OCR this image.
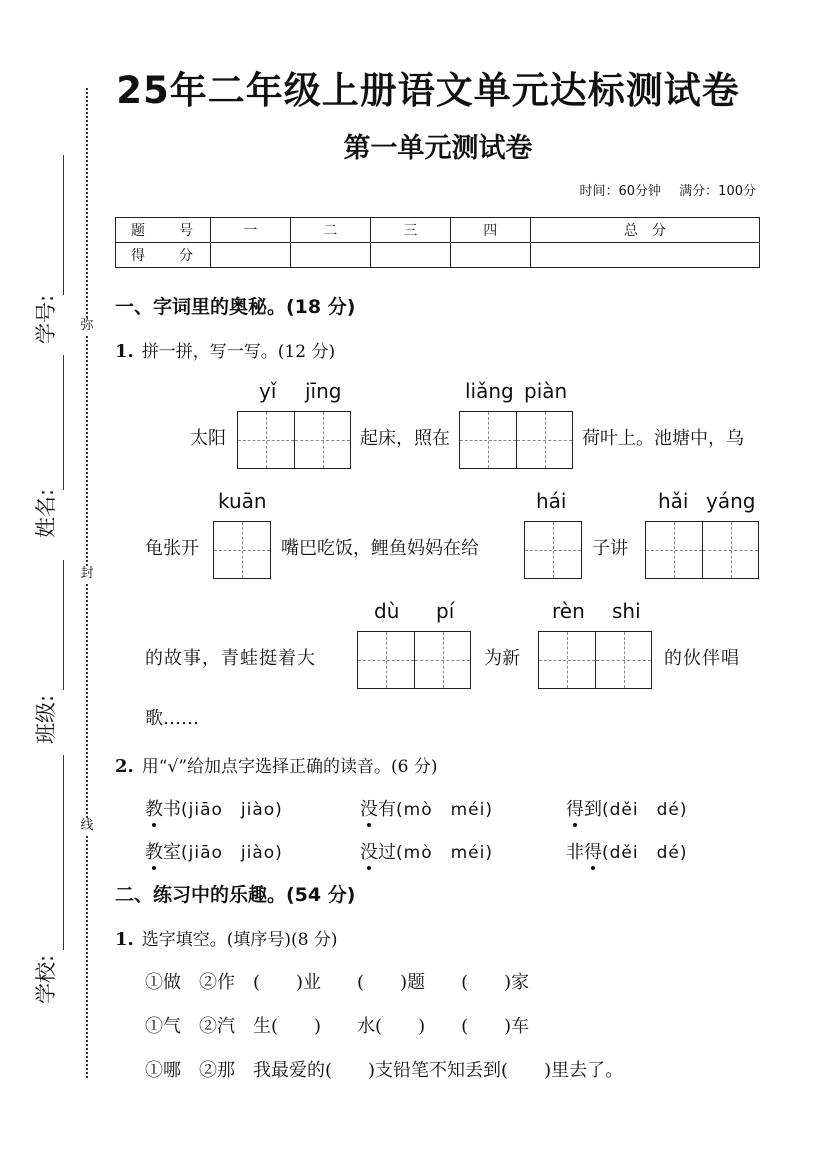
弥
封
线
学号:
姓名:
班级:
学校:
25年二年级上册语文单元达标测试卷
第一单元测试卷
时间：60分钟 满分：100分
题　号	一	二	三	四	总　分
得　分					
一、字词里的奥秘。(18 分)
1. 拼一拼，写一写。(12 分)
yǐ jīng	liǎng piàn
太阳	起床，照在	荷叶上。池塘中，乌
kuān	hái	hǎi yáng
龟张开	嘴巴吃饭，鲤鱼妈妈在给	子讲
dù pí	rèn shi
的故事，青蛙挺着大	为新	的伙伴唱
歌……
2. 用“√”给加点字选择正确的读音。(6 分)
教书(jiāo　jiào)	没有(mò　méi)	得到(děi　dé)
教室(jiāo　jiào)	没过(mò　méi)	非得(děi　dé)
二、练习中的乐趣。(54 分)
1. 选字填空。(填序号)(8 分)
①做　②作　(　　)业　　(　　)题　　(　　)家
①气　②汽　生(　　)　　水(　　)　　(　　)车
①哪　②那　我最爱的(　　)支铅笔不知丢到(　　)里去了。
